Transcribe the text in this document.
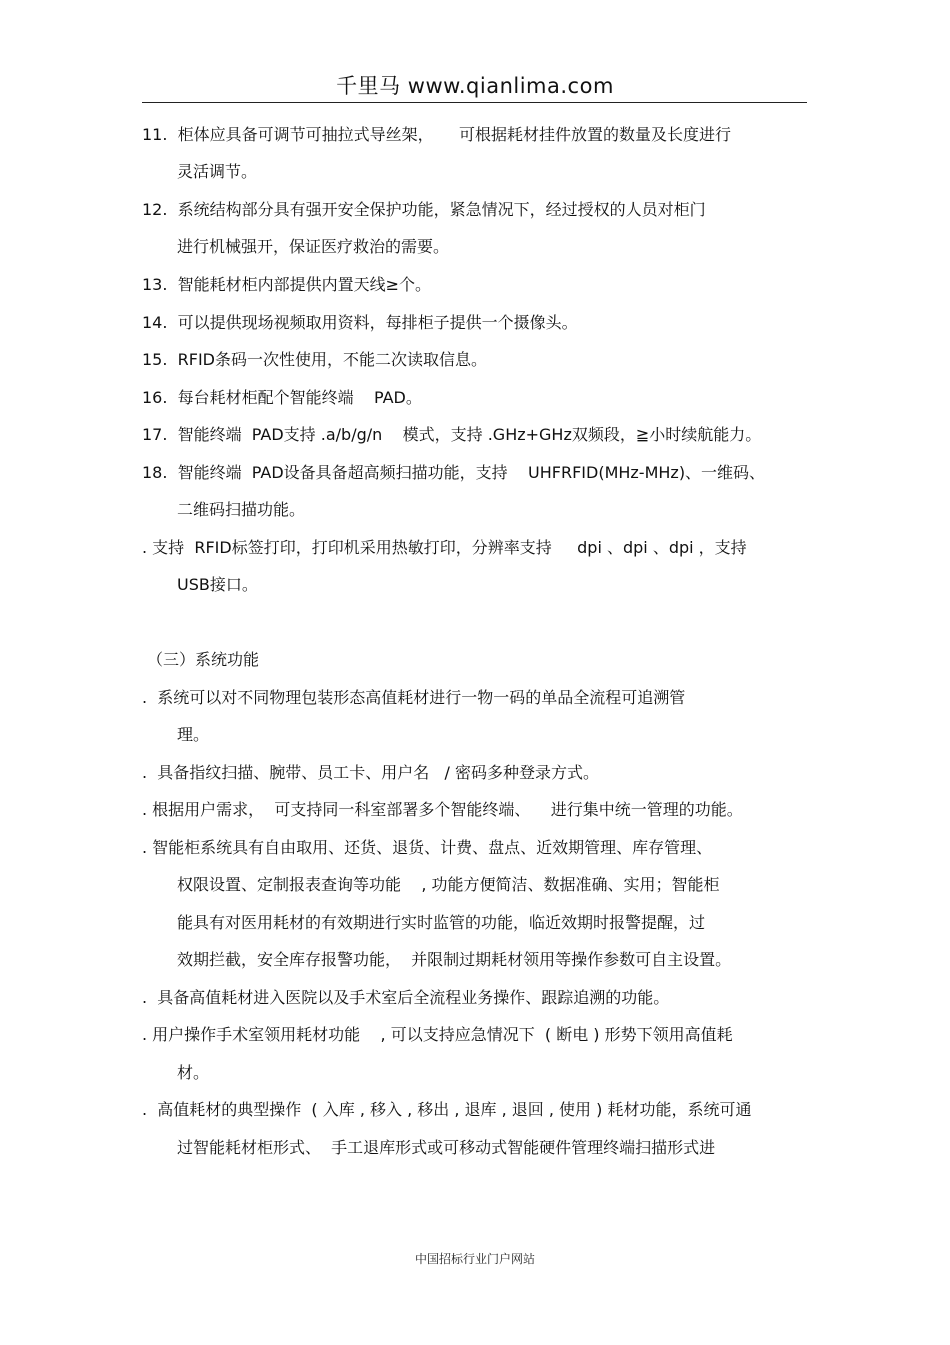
千里马 www.qianlima.com
11.  柜体应具备可调节可抽拉式导丝架，     可根据耗材挂件放置的数量及长度进行
灵活调节。
12.  系统结构部分具有强开安全保护功能，紧急情况下，经过授权的人员对柜门
进行机械强开，保证医疗救治的需要。
13.  智能耗材柜内部提供内置天线≥个。
14.  可以提供现场视频取用资料，每排柜子提供一个摄像头。
15.  RFID条码一次性使用，不能二次读取信息。
16.  每台耗材柜配个智能终端    PAD。
17.  智能终端  PAD支持 .a/b/g/n    模式，支持 .GHz+GHz双频段，≧小时续航能力。
18.  智能终端  PAD设备具备超高频扫描功能，支持    UHFRFID(MHz-MHz)、一维码、
二维码扫描功能。
. 支持  RFID标签打印，打印机采用热敏打印，分辨率支持     dpi 、dpi 、dpi ，支持
USB接口。
（三）系统功能
.  系统可以对不同物理包装形态高值耗材进行一物一码的单品全流程可追溯管
理。
.  具备指纹扫描、腕带、员工卡、用户名   / 密码多种登录方式。
. 根据用户需求，  可支持同一科室部署多个智能终端、    进行集中统一管理的功能。
. 智能柜系统具有自由取用、还货、退货、计费、盘点、近效期管理、库存管理、
权限设置、定制报表查询等功能    , 功能方便简洁、数据准确、实用；智能柜
能具有对医用耗材的有效期进行实时监管的功能，临近效期时报警提醒，过
效期拦截，安全库存报警功能，  并限制过期耗材领用等操作参数可自主设置。
.  具备高值耗材进入医院以及手术室后全流程业务操作、跟踪追溯的功能。
. 用户操作手术室领用耗材功能    , 可以支持应急情况下  ( 断电 ) 形势下领用高值耗
材。
.  高值耗材的典型操作  ( 入库 , 移入 , 移出 , 退库 , 退回 , 使用 ) 耗材功能，系统可通
过智能耗材柜形式、  手工退库形式或可移动式智能硬件管理终端扫描形式进
中国招标行业门户网站
